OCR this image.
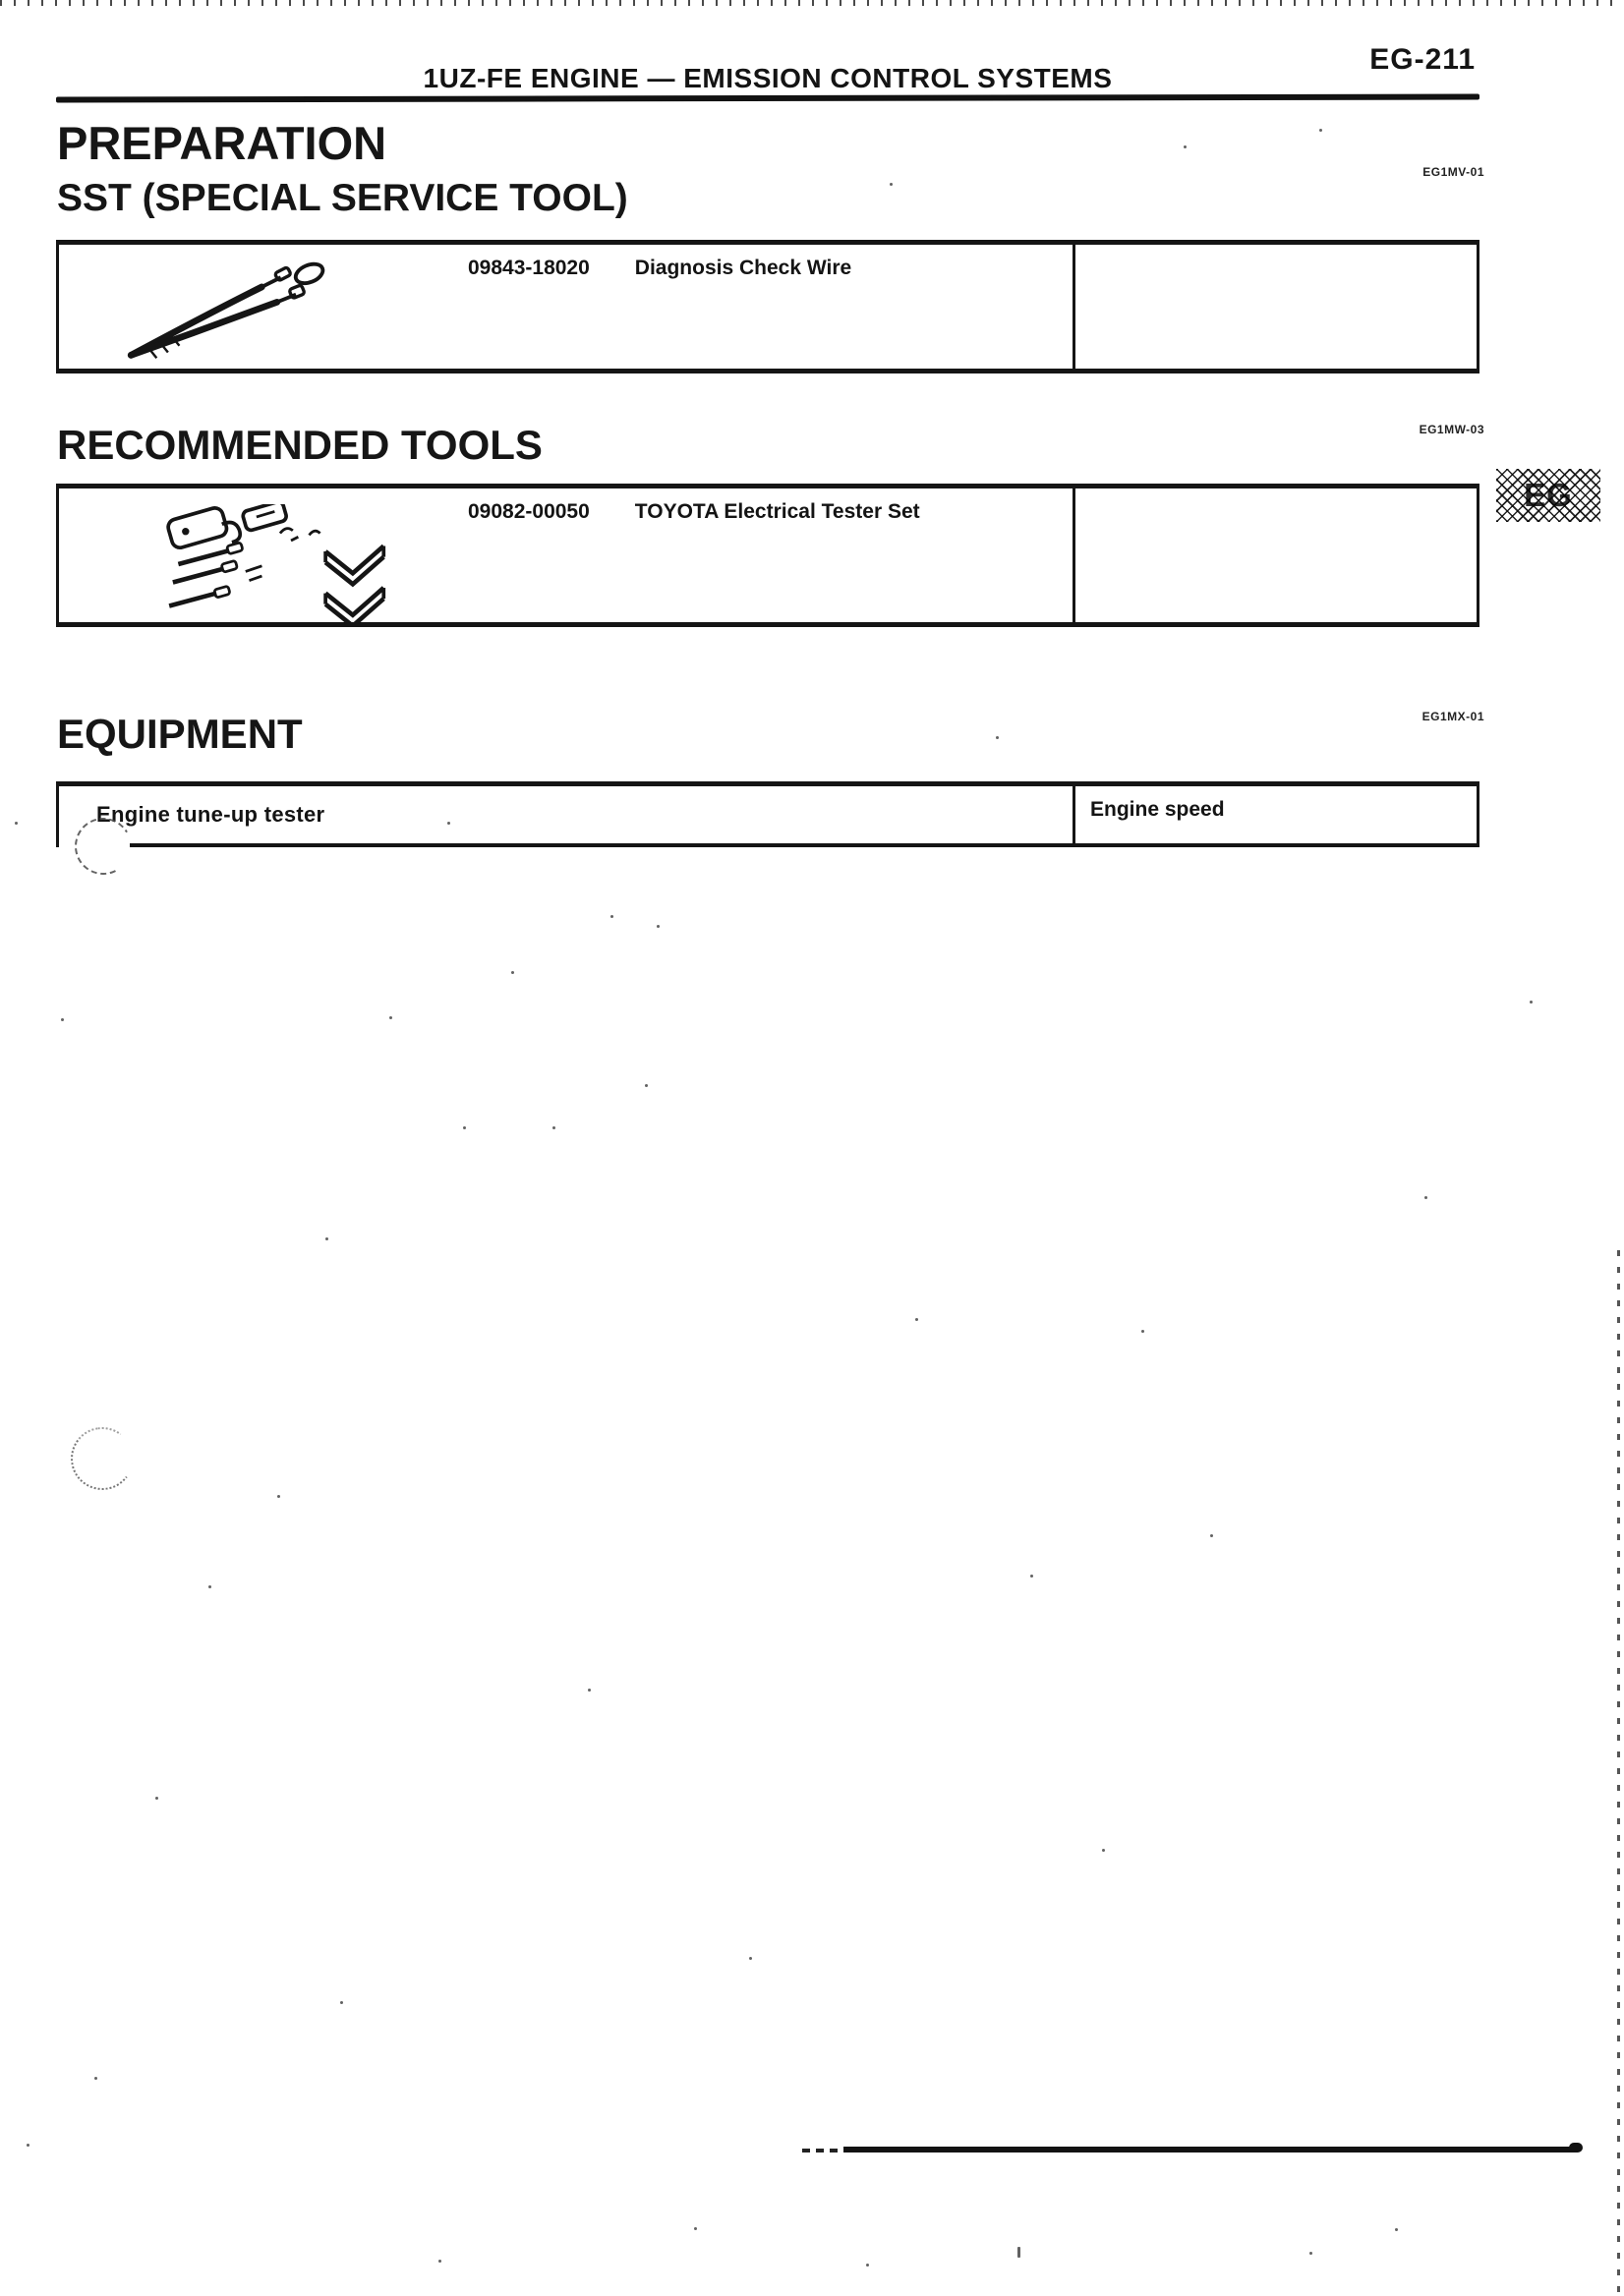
1UZ-FE ENGINE — EMISSION CONTROL SYSTEMS
EG-211
PREPARATION
EG1MV-01
SST (SPECIAL SERVICE TOOL)
09843-18020 Diagnosis Check Wire
EG1MW-03
RECOMMENDED TOOLS
EG
09082-00050 TOYOTA Electrical Tester Set
EG1MX-01
EQUIPMENT
Engine tune-up tester	Engine speed
